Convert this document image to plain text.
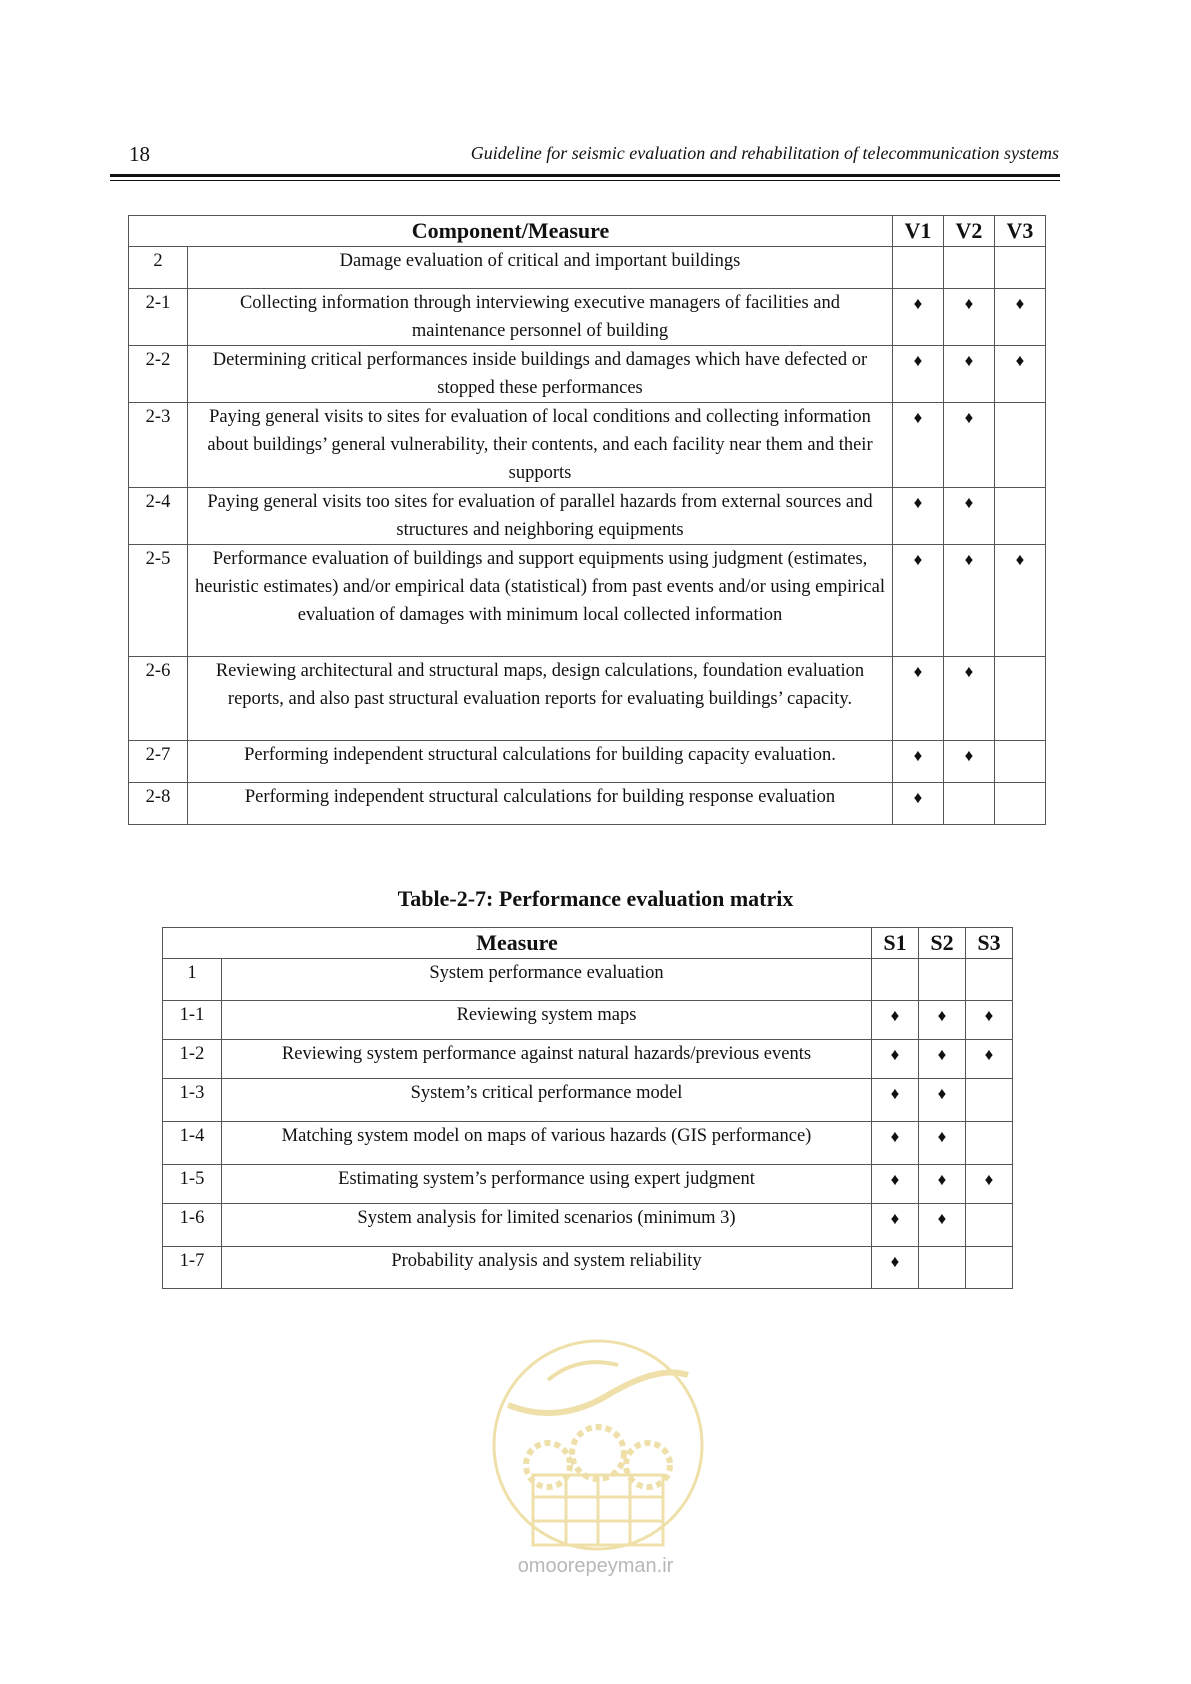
18	Guideline for seismic evaluation and rehabilitation of telecommunication systems
Component/Measure		V1	V2	V3
2	Damage evaluation of critical and important buildings			
2-1	Collecting information through interviewing executive managers of facilities and maintenance personnel of building	♦	♦	♦
2-2	Determining critical performances inside buildings and damages which have defected or stopped these performances	♦	♦	♦
2-3	Paying general visits to sites for evaluation of local conditions and collecting information about buildings’ general vulnerability, their contents, and each facility near them and their supports	♦	♦	
2-4	Paying general visits too sites for evaluation of parallel hazards from external sources and structures and neighboring equipments	♦	♦	
2-5	Performance evaluation of buildings and support equipments using judgment (estimates, heuristic estimates) and/or empirical data (statistical) from past events and/or using empirical evaluation of damages with minimum local collected information	♦	♦	♦
2-6	Reviewing architectural and structural maps, design calculations, foundation evaluation reports, and also past structural evaluation reports for evaluating buildings’ capacity.	♦	♦	
2-7	Performing independent structural calculations for building capacity evaluation.	♦	♦	
2-8	Performing independent structural calculations for building response evaluation	♦		
Table-2-7: Performance evaluation matrix
Measure		S1	S2	S3
1	System performance evaluation			
1-1	Reviewing system maps	♦	♦	♦
1-2	Reviewing system performance against natural hazards/previous events	♦	♦	♦
1-3	System’s critical performance model	♦	♦	
1-4	Matching system model on maps of various hazards (GIS performance)	♦	♦	
1-5	Estimating system’s performance using expert judgment	♦	♦	♦
1-6	System analysis for limited scenarios (minimum 3)	♦	♦	
1-7	Probability analysis and system reliability	♦		
omoorepeyman.ir
